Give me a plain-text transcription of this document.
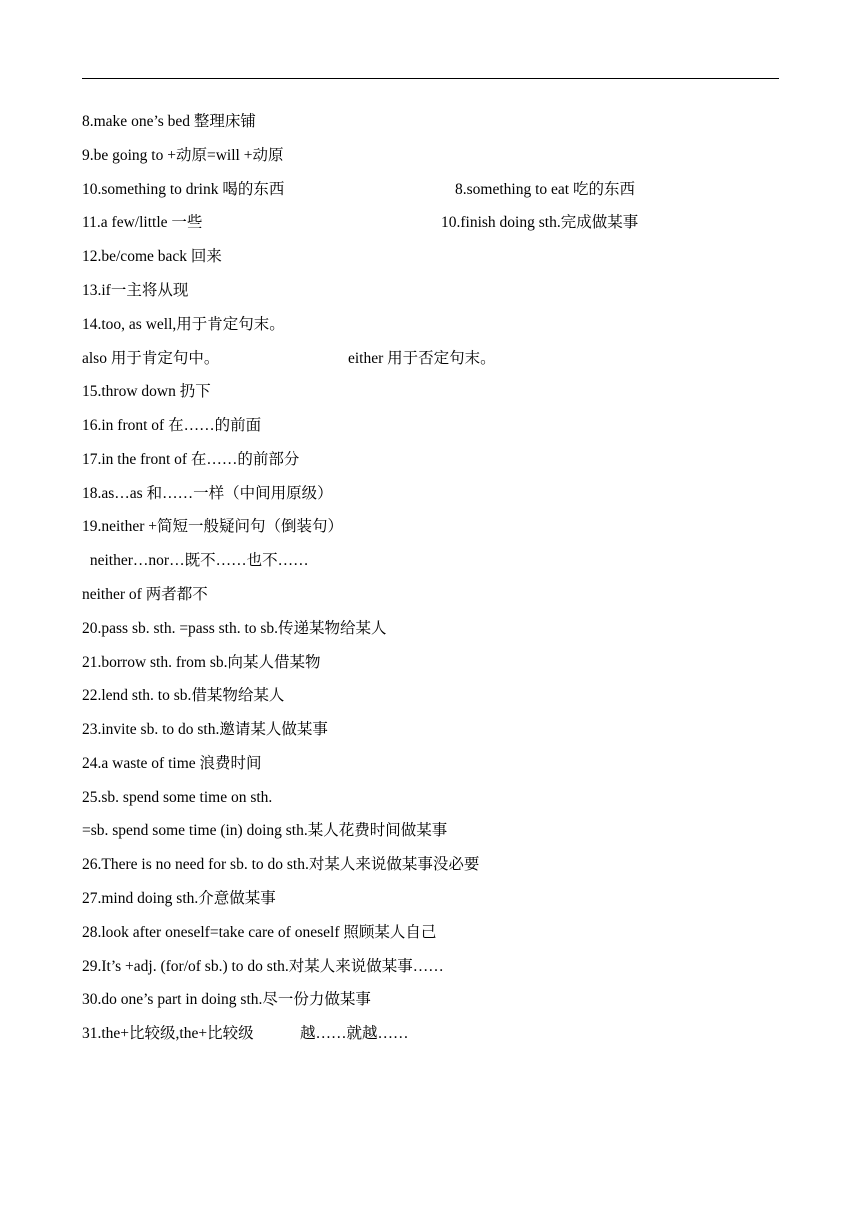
8.make one’s bed 整理床铺
9.be going to +动原=will +动原
10.something to drink 喝的东西	8.something to eat 吃的东西
11.a few/little 一些	10.finish doing sth.完成做某事
12.be/come back 回来
13.if一主将从现
14.too, as well,用于肯定句末。
also 用于肯定句中。	either 用于否定句末。
15.throw down 扔下
16.in front of 在……的前面
17.in the front of 在……的前部分
18.as…as 和……一样（中间用原级）
19.neither +简短一般疑问句（倒装句）
neither…nor…既不……也不……
neither of 两者都不
20.pass sb. sth. =pass sth. to sb.传递某物给某人
21.borrow sth. from sb.向某人借某物
22.lend sth. to sb.借某物给某人
23.invite sb. to do sth.邀请某人做某事
24.a waste of time 浪费时间
25.sb. spend some time on sth.
=sb. spend some time (in) doing sth.某人花费时间做某事
26.There is no need for sb. to do sth.对某人来说做某事没必要
27.mind doing sth.介意做某事
28.look after oneself=take care of oneself 照顾某人自己
29.It’s +adj. (for/of sb.) to do sth.对某人来说做某事……
30.do one’s part in doing sth.尽一份力做某事
31.the+比较级,the+比较级	越……就越……
